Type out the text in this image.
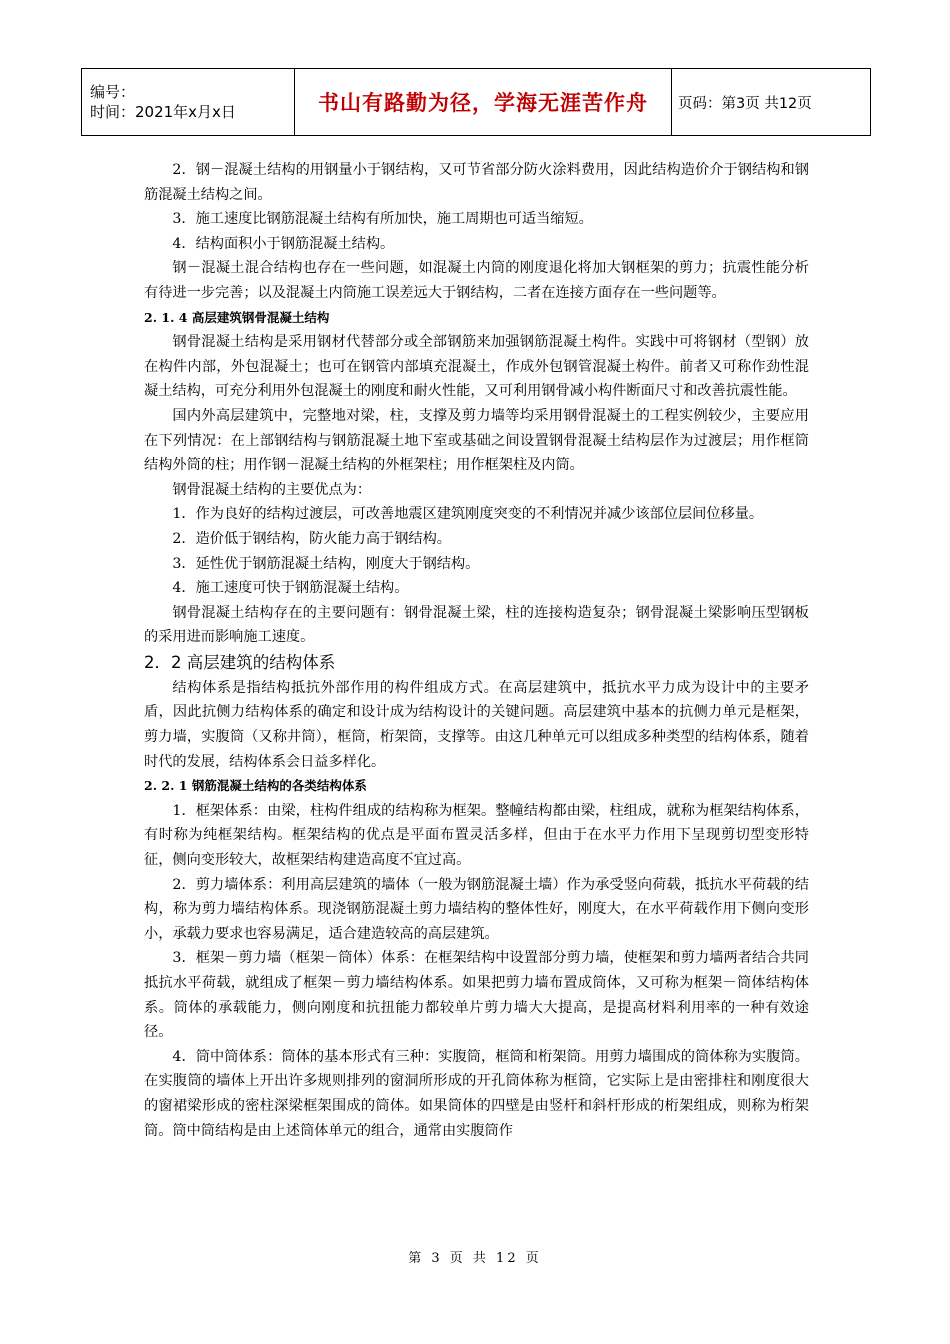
编号：
时间：2021年x月x日	书山有路勤为径，学海无涯苦作舟	页码：第3页 共12页

2．钢－混凝土结构的用钢量小于钢结构，又可节省部分防火涂料费用，因此结构造价介于钢结构和钢筋混凝土结构之间。

3．施工速度比钢筋混凝土结构有所加快，施工周期也可适当缩短。

4．结构面积小于钢筋混凝土结构。

钢－混凝土混合结构也存在一些问题，如混凝土内筒的刚度退化将加大钢框架的剪力；抗震性能分析有待进一步完善；以及混凝土内筒施工误差远大于钢结构，二者在连接方面存在一些问题等。

2. 1. 4 高层建筑钢骨混凝土结构

钢骨混凝土结构是采用钢材代替部分或全部钢筋来加强钢筋混凝土构件。实践中可将钢材（型钢）放在构件内部，外包混凝土；也可在钢管内部填充混凝土，作成外包钢管混凝土构件。前者又可称作劲性混凝土结构，可充分利用外包混凝土的刚度和耐火性能，又可利用钢骨减小构件断面尺寸和改善抗震性能。

国内外高层建筑中，完整地对梁，柱，支撑及剪力墙等均采用钢骨混凝土的工程实例较少，主要应用在下列情况：在上部钢结构与钢筋混凝土地下室或基础之间设置钢骨混凝土结构层作为过渡层；用作框筒结构外筒的柱；用作钢－混凝土结构的外框架柱；用作框架柱及内筒。

钢骨混凝土结构的主要优点为：

1．作为良好的结构过渡层，可改善地震区建筑刚度突变的不利情况并减少该部位层间位移量。

2．造价低于钢结构，防火能力高于钢结构。

3．延性优于钢筋混凝土结构，刚度大于钢结构。

4．施工速度可快于钢筋混凝土结构。

钢骨混凝土结构存在的主要问题有：钢骨混凝土梁，柱的连接构造复杂；钢骨混凝土梁影响压型钢板的采用进而影响施工速度。

2．2 高层建筑的结构体系

结构体系是指结构抵抗外部作用的构件组成方式。在高层建筑中，抵抗水平力成为设计中的主要矛盾，因此抗侧力结构体系的确定和设计成为结构设计的关键问题。高层建筑中基本的抗侧力单元是框架，剪力墙，实腹筒（又称井筒），框筒，桁架筒，支撑等。由这几种单元可以组成多种类型的结构体系，随着时代的发展，结构体系会日益多样化。

2. 2. 1 钢筋混凝土结构的各类结构体系

1．框架体系：由梁，柱构件组成的结构称为框架。整幢结构都由梁，柱组成，就称为框架结构体系，有时称为纯框架结构。框架结构的优点是平面布置灵活多样，但由于在水平力作用下呈现剪切型变形特征，侧向变形较大，故框架结构建造高度不宜过高。

2．剪力墙体系：利用高层建筑的墙体（一般为钢筋混凝土墙）作为承受竖向荷载，抵抗水平荷载的结构，称为剪力墙结构体系。现浇钢筋混凝土剪力墙结构的整体性好，刚度大，在水平荷载作用下侧向变形小，承载力要求也容易满足，适合建造较高的高层建筑。

3．框架－剪力墙（框架－筒体）体系：在框架结构中设置部分剪力墙，使框架和剪力墙两者结合共同抵抗水平荷载，就组成了框架－剪力墙结构体系。如果把剪力墙布置成筒体，又可称为框架－筒体结构体系。筒体的承载能力，侧向刚度和抗扭能力都较单片剪力墙大大提高，是提高材料利用率的一种有效途径。

4．筒中筒体系：筒体的基本形式有三种：实腹筒，框筒和桁架筒。用剪力墙围成的筒体称为实腹筒。在实腹筒的墙体上开出许多规则排列的窗洞所形成的开孔筒体称为框筒，它实际上是由密排柱和刚度很大的窗裙梁形成的密柱深梁框架围成的筒体。如果筒体的四壁是由竖杆和斜杆形成的桁架组成，则称为桁架筒。筒中筒结构是由上述筒体单元的组合，通常由实腹筒作

第 3 页 共 12 页
